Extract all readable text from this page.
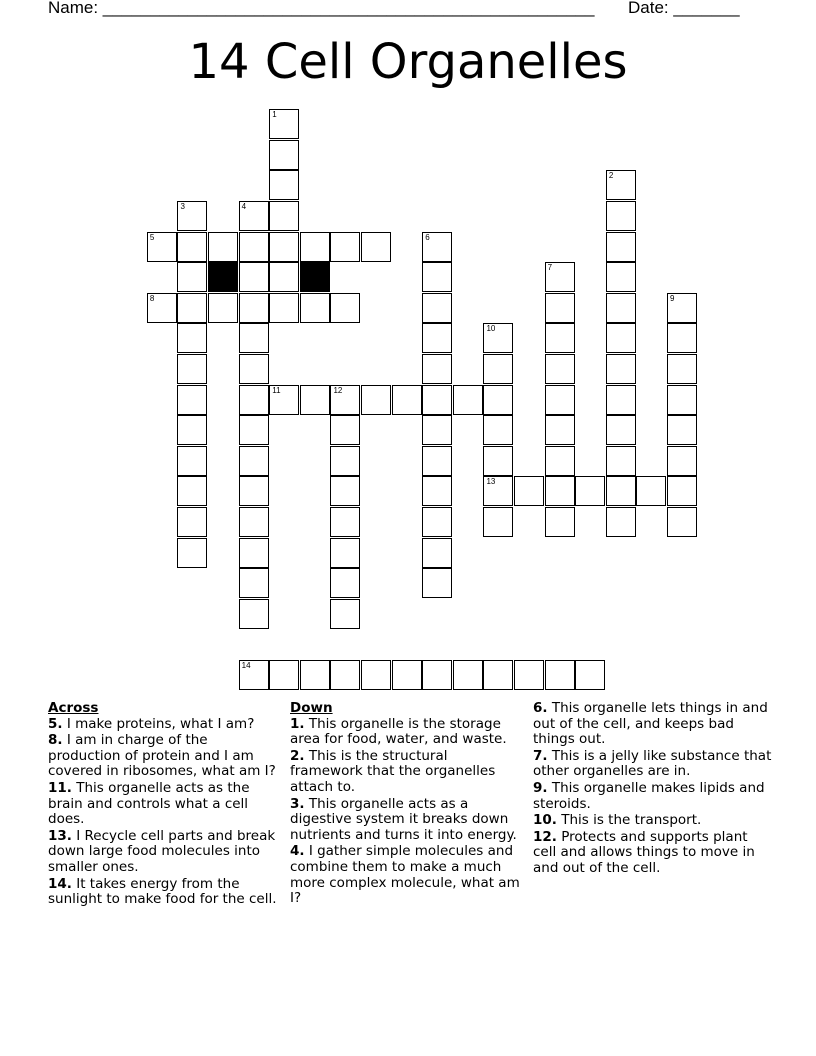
Name: ____________________________________________________ Date: _______
14 Cell Organelles
1
2
3	4
5	6
7
8	9
10
13
11	12
14
Across
5. I make proteins, what I am?
8. I am in charge of the production of protein and I am covered in ribosomes, what am I?
11. This organelle acts as the brain and controls what a cell does.
13. I Recycle cell parts and break down large food molecules into smaller ones.
14. It takes energy from the sunlight to make food for the cell.
Down
1. This organelle is the storage area for food, water, and waste.
2. This is the structural framework that the organelles attach to.
3. This organelle acts as a digestive system it breaks down nutrients and turns it into energy.
4. I gather simple molecules and combine them to make a much more complex molecule, what am I?
6. This organelle lets things in and out of the cell, and keeps bad things out.
7. This is a jelly like substance that other organelles are in.
9. This organelle makes lipids and steroids.
10. This is the transport.
12. Protects and supports plant cell and allows things to move in and out of the cell.
